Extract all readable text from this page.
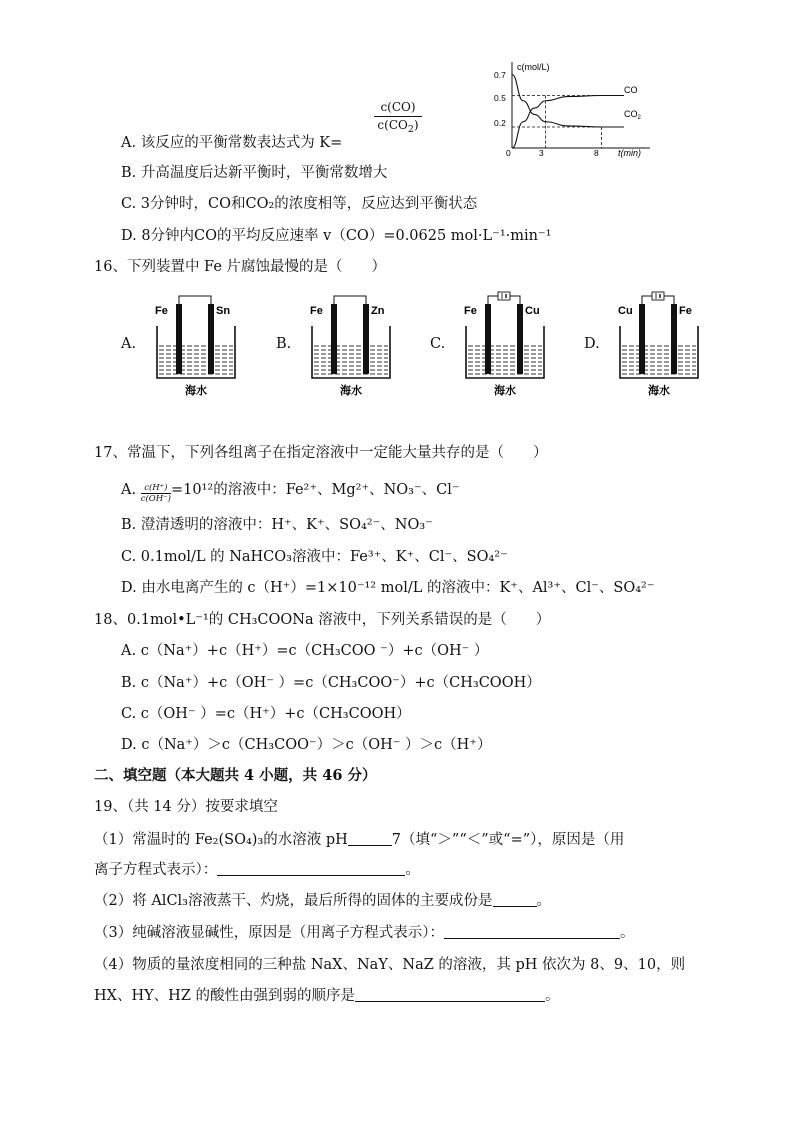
c(mol/L)
t(min)
0.7
0.5
0.2
0	3	8
CO
$CO_2$
c(CO)
$c(CO_2)$
A. 该反应的平衡常数表达式为 K=
B. 升高温度后达新平衡时，平衡常数增大
C. 3分钟时，CO和CO₂的浓度相等，反应达到平衡状态
D. 8分钟内CO的平均反应速率 v（CO）=0.0625 mol·L⁻¹·min⁻¹
16、下列装置中 Fe 片腐蚀最慢的是（　　）
A.
Fe	Sn
海水
B.
Fe	Zn
海水
C.
Fe	Cu
海水
D.
Cu	Fe
海水
17、常温下，下列各组离子在指定溶液中一定能大量共存的是（　　）
A. $\frac{c(H^+)}{c(OH^-)} =10^{12}$的溶液中：Fe²⁺、Mg²⁺、NO₃⁻、Cl⁻
B. 澄清透明的溶液中：H⁺、K⁺、SO₄²⁻、NO₃⁻
C. 0.1mol/L 的 NaHCO₃溶液中：Fe³⁺、K⁺、Cl⁻、SO₄²⁻
D. 由水电离产生的 c（H⁺）=1×10⁻¹² mol/L 的溶液中：K⁺、Al³⁺、Cl⁻、SO₄²⁻
18、0.1mol•L⁻¹的 CH₃COONa 溶液中，下列关系错误的是（　　）
A. c（Na⁺）+c（H⁺）=c（CH₃COO ⁻）+c（OH⁻ ）
B. c（Na⁺）+c（OH⁻ ）=c（CH₃COO⁻）+c（CH₃COOH）
C. c（OH⁻ ）=c（H⁺）+c（CH₃COOH）
D. c（Na⁺）＞c（CH₃COO⁻）＞c（OH⁻ ）＞c（H⁺）
二、填空题（本大题共 4 小题，共 46 分）
19、（共 14 分）按要求填空
（1）常温时的 Fe₂(SO₄)₃的水溶液 pH	7（填“＞”“＜”或“=”），原因是（用
离子方程式表示）：	。
（2）将 AlCl₃溶液蒸干、灼烧，最后所得的固体的主要成份是	。
（3）纯碱溶液显碱性，原因是（用离子方程式表示）：	。
（4）物质的量浓度相同的三种盐 NaX、NaY、NaZ 的溶液，其 pH 依次为 8、9、10，则
HX、HY、HZ 的酸性由强到弱的顺序是	。
